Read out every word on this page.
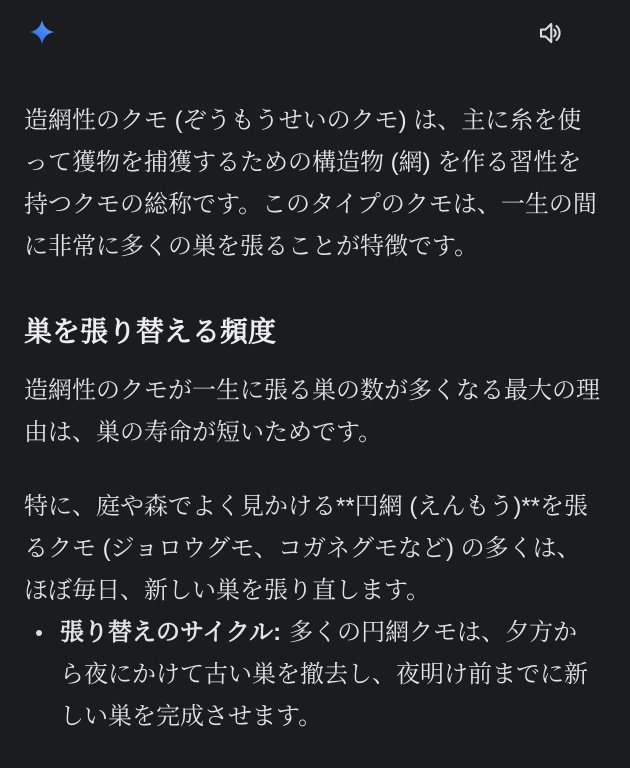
造網性のクモ (ぞうもうせいのクモ) は、主に糸を使って獲物を捕獲するための構造物 (網) を作る習性を持つクモの総称です。このタイプのクモは、一生の間に非常に多くの巣を張ることが特徴です。

巣を張り替える頻度

造網性のクモが一生に張る巣の数が多くなる最大の理由は、巣の寿命が短いためです。

特に、庭や森でよく見かける**円網 (えんもう)**を張るクモ (ジョロウグモ、コガネグモなど) の多くは、ほぼ毎日、新しい巣を張り直します。

張り替えのサイクル: 多くの円網クモは、夕方から夜にかけて古い巣を撤去し、夜明け前までに新しい巣を完成させます。
